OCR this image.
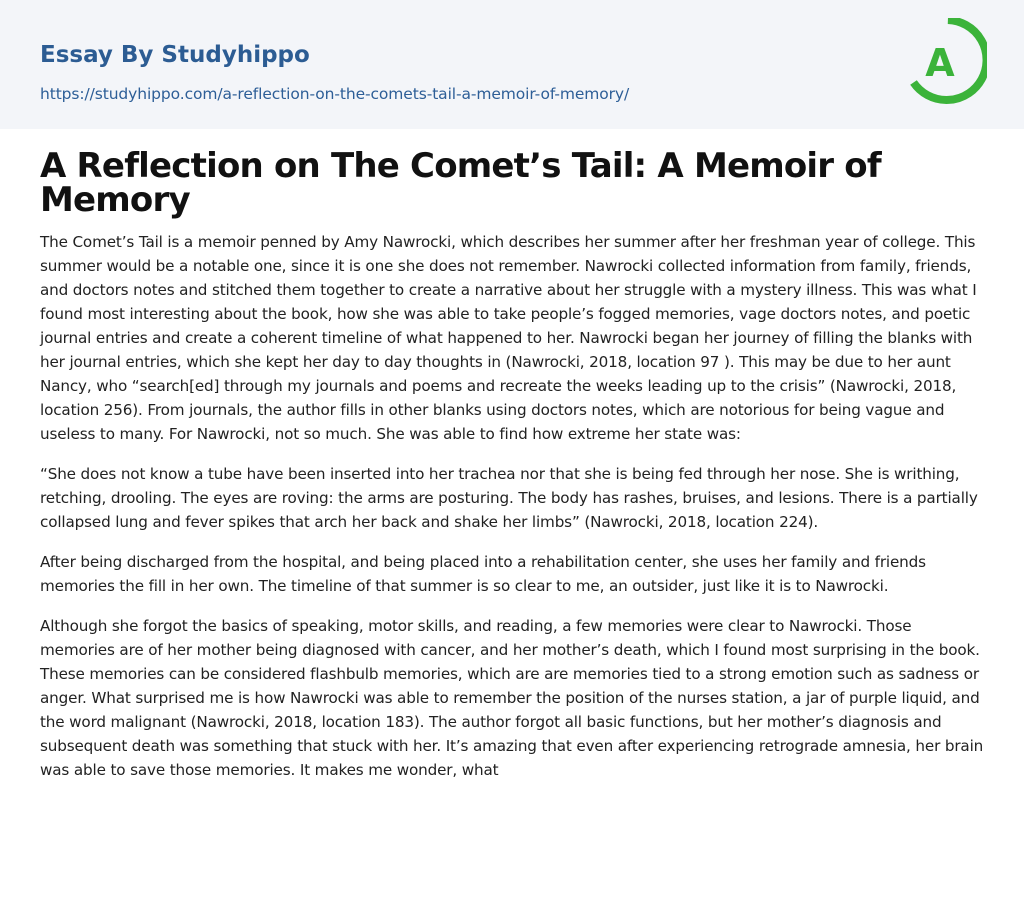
Essay By Studyhippo
https://studyhippo.com/a-reflection-on-the-comets-tail-a-memoir-of-memory/
A
A Reflection on The Comet’s Tail: A Memoir of Memory

The Comet’s Tail is a memoir penned by Amy Nawrocki, which describes her summer after her freshman year of college. This summer would be a notable one, since it is one she does not remember. Nawrocki collected information from family, friends, and doctors notes and stitched them together to create a narrative about her struggle with a mystery illness. This was what I found most interesting about the book, how she was able to take people’s fogged memories, vage doctors notes, and poetic journal entries and create a coherent timeline of what happened to her. Nawrocki began her journey of filling the blanks with her journal entries, which she kept her day to day thoughts in (Nawrocki, 2018, location 97 ). This may be due to her aunt Nancy, who “search[ed] through my journals and poems and recreate the weeks leading up to the crisis” (Nawrocki, 2018, location 256). From journals, the author fills in other blanks using doctors notes, which are notorious for being vague and useless to many. For Nawrocki, not so much. She was able to find how extreme her state was:

“She does not know a tube have been inserted into her trachea nor that she is being fed through her nose. She is writhing, retching, drooling. The eyes are roving: the arms are posturing. The body has rashes, bruises, and lesions. There is a partially collapsed lung and fever spikes that arch her back and shake her limbs” (Nawrocki, 2018, location 224).

After being discharged from the hospital, and being placed into a rehabilitation center, she uses her family and friends memories the fill in her own. The timeline of that summer is so clear to me, an outsider, just like it is to Nawrocki.

Although she forgot the basics of speaking, motor skills, and reading, a few memories were clear to Nawrocki. Those memories are of her mother being diagnosed with cancer, and her mother’s death, which I found most surprising in the book. These memories can be considered flashbulb memories, which are are memories tied to a strong emotion such as sadness or anger. What surprised me is how Nawrocki was able to remember the position of the nurses station, a jar of purple liquid, and the word malignant (Nawrocki, 2018, location 183). The author forgot all basic functions, but her mother’s diagnosis and subsequent death was something that stuck with her. It’s amazing that even after experiencing retrograde amnesia, her brain was able to save those memories. It makes me wonder, what
